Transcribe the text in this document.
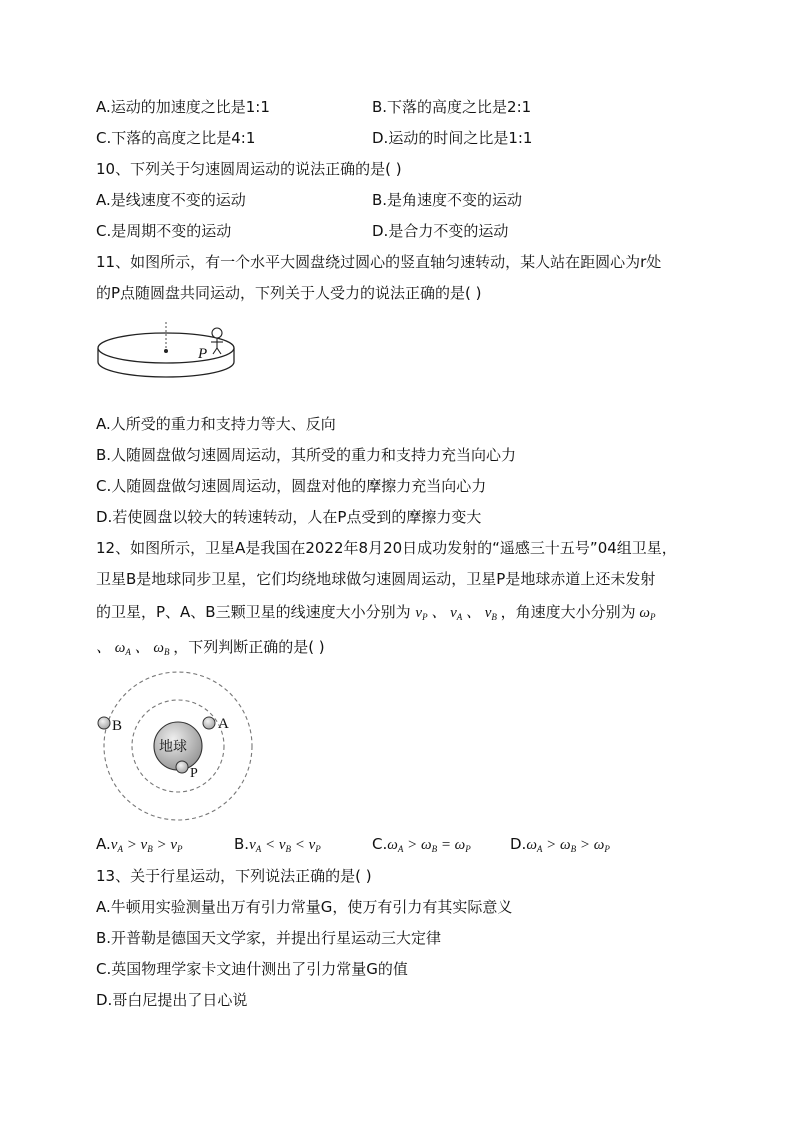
A.运动的加速度之比是1:1	B.下落的高度之比是2:1
C.下落的高度之比是4:1	D.运动的时间之比是1:1
10、下列关于匀速圆周运动的说法正确的是( )
A.是线速度不变的运动	B.是角速度不变的运动
C.是周期不变的运动	D.是合力不变的运动
11、如图所示，有一个水平大圆盘绕过圆心的竖直轴匀速转动，某人站在距圆心为r处
的P点随圆盘共同运动，下列关于人受力的说法正确的是( )
P
A.人所受的重力和支持力等大、反向
B.人随圆盘做匀速圆周运动，其所受的重力和支持力充当向心力
C.人随圆盘做匀速圆周运动，圆盘对他的摩擦力充当向心力
D.若使圆盘以较大的转速转动，人在P点受到的摩擦力变大
12、如图所示，卫星A是我国在2022年8月20日成功发射的“遥感三十五号”04组卫星，
卫星B是地球同步卫星，它们均绕地球做匀速圆周运动，卫星P是地球赤道上还未发射
的卫星，P、A、B三颗卫星的线速度大小分别为 $v_P$ 、 $v_A$ 、 $v_B$ ，角速度大小分别为 $\omega_P$
、 $\omega_A$ 、 $\omega_B$ ，下列判断正确的是( )
地球
B	A
P
$A.v_A > v_B > v_P$	$B.v_A < v_B < v_P$	$C.\omega_A > \omega_B = \omega_P$	$D.\omega_A > \omega_B > \omega_P$
13、关于行星运动，下列说法正确的是( )
A.牛顿用实验测量出万有引力常量G，使万有引力有其实际意义
B.开普勒是德国天文学家，并提出行星运动三大定律
C.英国物理学家卡文迪什测出了引力常量G的值
D.哥白尼提出了日心说
